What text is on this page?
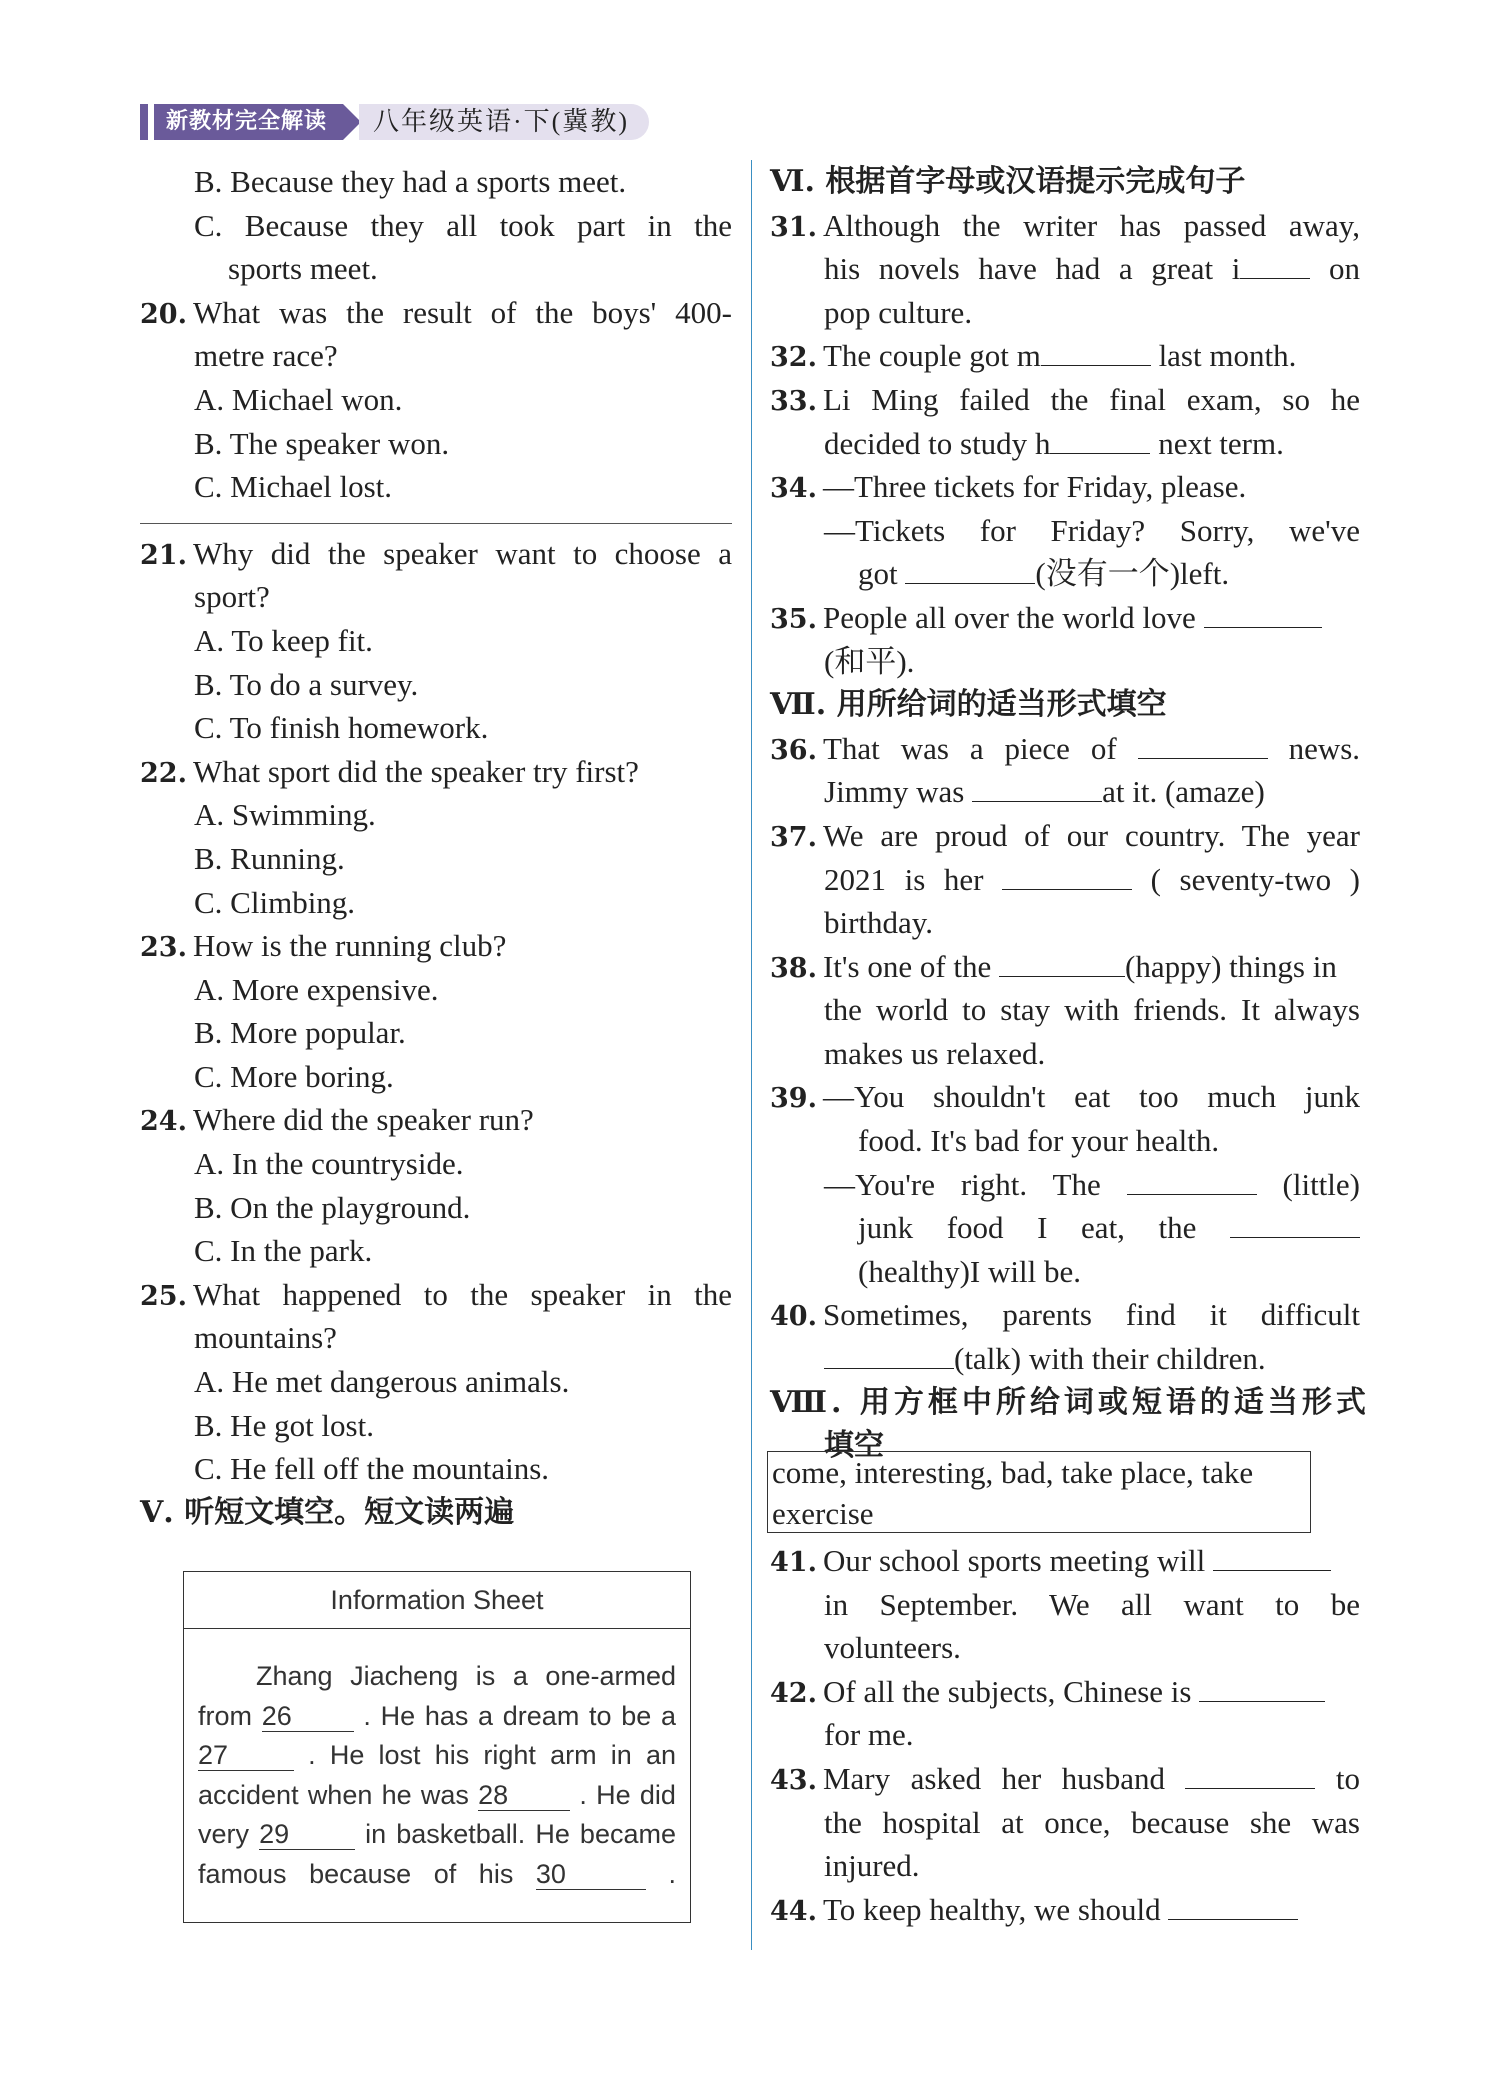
新教材完全解读	八年级英语·下(冀教)
B. Because they had a sports meet.
C. Because they all took part in the
sports meet.
20. What was the result of the boys' 400-
metre race?
A. Michael won.
B. The speaker won.
C. Michael lost.
21. Why did the speaker want to choose a
sport?
A. To keep fit.
B. To do a survey.
C. To finish homework.
22. What sport did the speaker try first?
A. Swimming.
B. Running.
C. Climbing.
23. How is the running club?
A. More expensive.
B. More popular.
C. More boring.
24. Where did the speaker run?
A. In the countryside.
B. On the playground.
C. In the park.
25. What happened to the speaker in the
mountains?
A. He met dangerous animals.
B. He got lost.
C. He fell off the mountains.
Ⅴ. 听短文填空。短文读两遍
Information Sheet
Zhang Jiacheng is a one-armed
from 26	. He has a dream to be a
27	. He lost his right arm in an
accident when he was 28	. He did
very 29	in basketball. He became
famous because of his 30	.
Ⅵ. 根据首字母或汉语提示完成句子
31. Although the writer has passed away,
his novels have had a great i	on
pop culture.
32. The couple got m	last month.
33. Li Ming failed the final exam, so he
decided to study h	next term.
34. —Three tickets for Friday, please.
—Tickets for Friday? Sorry, we've
got	(没有一个)left.
35. People all over the world love
(和平).
Ⅶ. 用所给词的适当形式填空
36. That was a piece of	news.
Jimmy was	at it. (amaze)
37. We are proud of our country. The year
2021 is her	( seventy-two )
birthday.
38. It's one of the	(happy) things in
the world to stay with friends. It always
makes us relaxed.
39. —You shouldn't eat too much junk
food. It's bad for your health.
—You're right. The	(little)
junk food I eat, the
(healthy)I will be.
40. Sometimes, parents find it difficult
(talk) with their children.
Ⅷ. 用方框中所给词或短语的适当形式
填空
come, interesting, bad, take place, take
exercise
41. Our school sports meeting will
in September. We all want to be
volunteers.
42. Of all the subjects, Chinese is
for me.
43. Mary asked her husband	to
the hospital at once, because she was
injured.
44. To keep healthy, we should
